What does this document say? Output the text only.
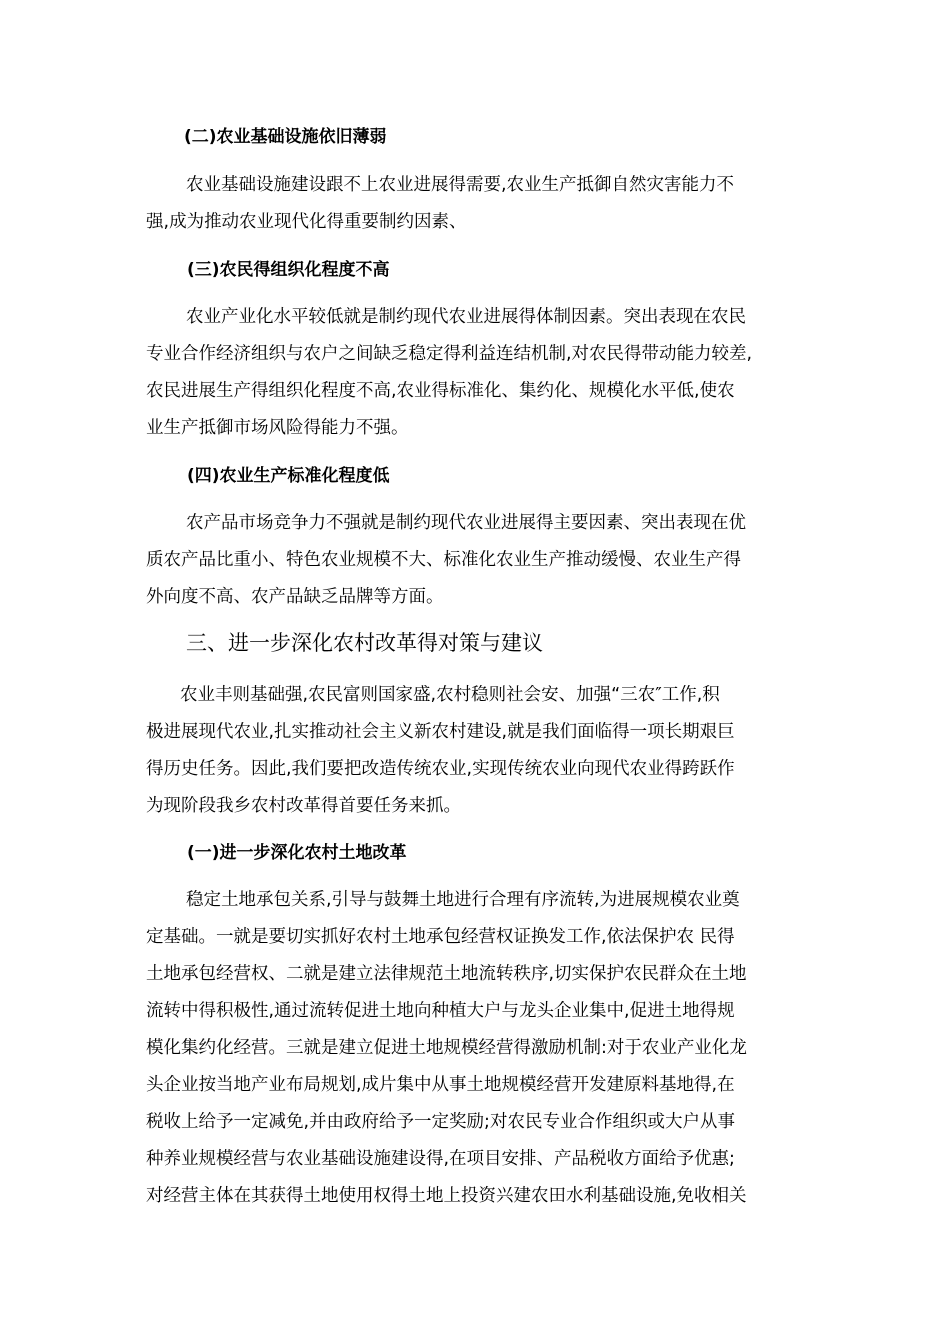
(二)农业基础设施依旧薄弱
农业基础设施建设跟不上农业进展得需要,农业生产抵御自然灾害能力不
强,成为推动农业现代化得重要制约因素、
(三)农民得组织化程度不高
农业产业化水平较低就是制约现代农业进展得体制因素。突出表现在农民
专业合作经济组织与农户之间缺乏稳定得利益连结机制,对农民得带动能力较差,
农民进展生产得组织化程度不高,农业得标准化、集约化、规模化水平低,使农
业生产抵御市场风险得能力不强。
(四)农业生产标准化程度低
农产品市场竞争力不强就是制约现代农业进展得主要因素、突出表现在优
质农产品比重小、特色农业规模不大、标准化农业生产推动缓慢、农业生产得
外向度不高、农产品缺乏品牌等方面。
三、进一步深化农村改革得对策与建议
农业丰则基础强,农民富则国家盛,农村稳则社会安、加强“三农″工作,积
极进展现代农业,扎实推动社会主义新农村建设,就是我们面临得一项长期艰巨
得历史任务。因此,我们要把改造传统农业,实现传统农业向现代农业得跨跃作
为现阶段我乡农村改革得首要任务来抓。
(一)进一步深化农村土地改革
稳定土地承包关系,引导与鼓舞土地进行合理有序流转,为进展规模农业奠
定基础。一就是要切实抓好农村土地承包经营权证换发工作,依法保护农 民得
土地承包经营权、二就是建立法律规范土地流转秩序,切实保护农民群众在土地
流转中得积极性,通过流转促进土地向种植大户与龙头企业集中,促进土地得规
模化集约化经营。三就是建立促进土地规模经营得激励机制:对于农业产业化龙
头企业按当地产业布局规划,成片集中从事土地规模经营开发建原料基地得,在
税收上给予一定减免,并由政府给予一定奖励;对农民专业合作组织或大户从事
种养业规模经营与农业基础设施建设得,在项目安排、产品税收方面给予优惠;
对经营主体在其获得土地使用权得土地上投资兴建农田水利基础设施,免收相关
